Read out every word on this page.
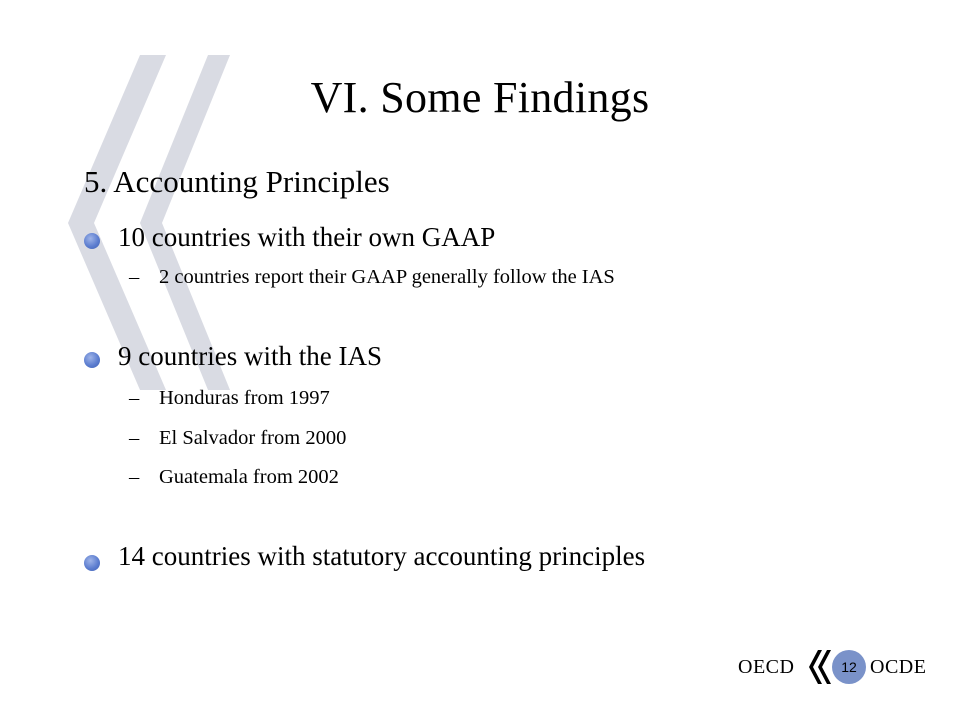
VI. Some Findings
5. Accounting Principles
10 countries with their own GAAP
– 2 countries report their GAAP generally follow the IAS
9 countries with the IAS
– Honduras from 1997
– El Salvador from 2000
– Guatemala from 2002
14 countries with statutory accounting principles
OECD	12 OCDE
